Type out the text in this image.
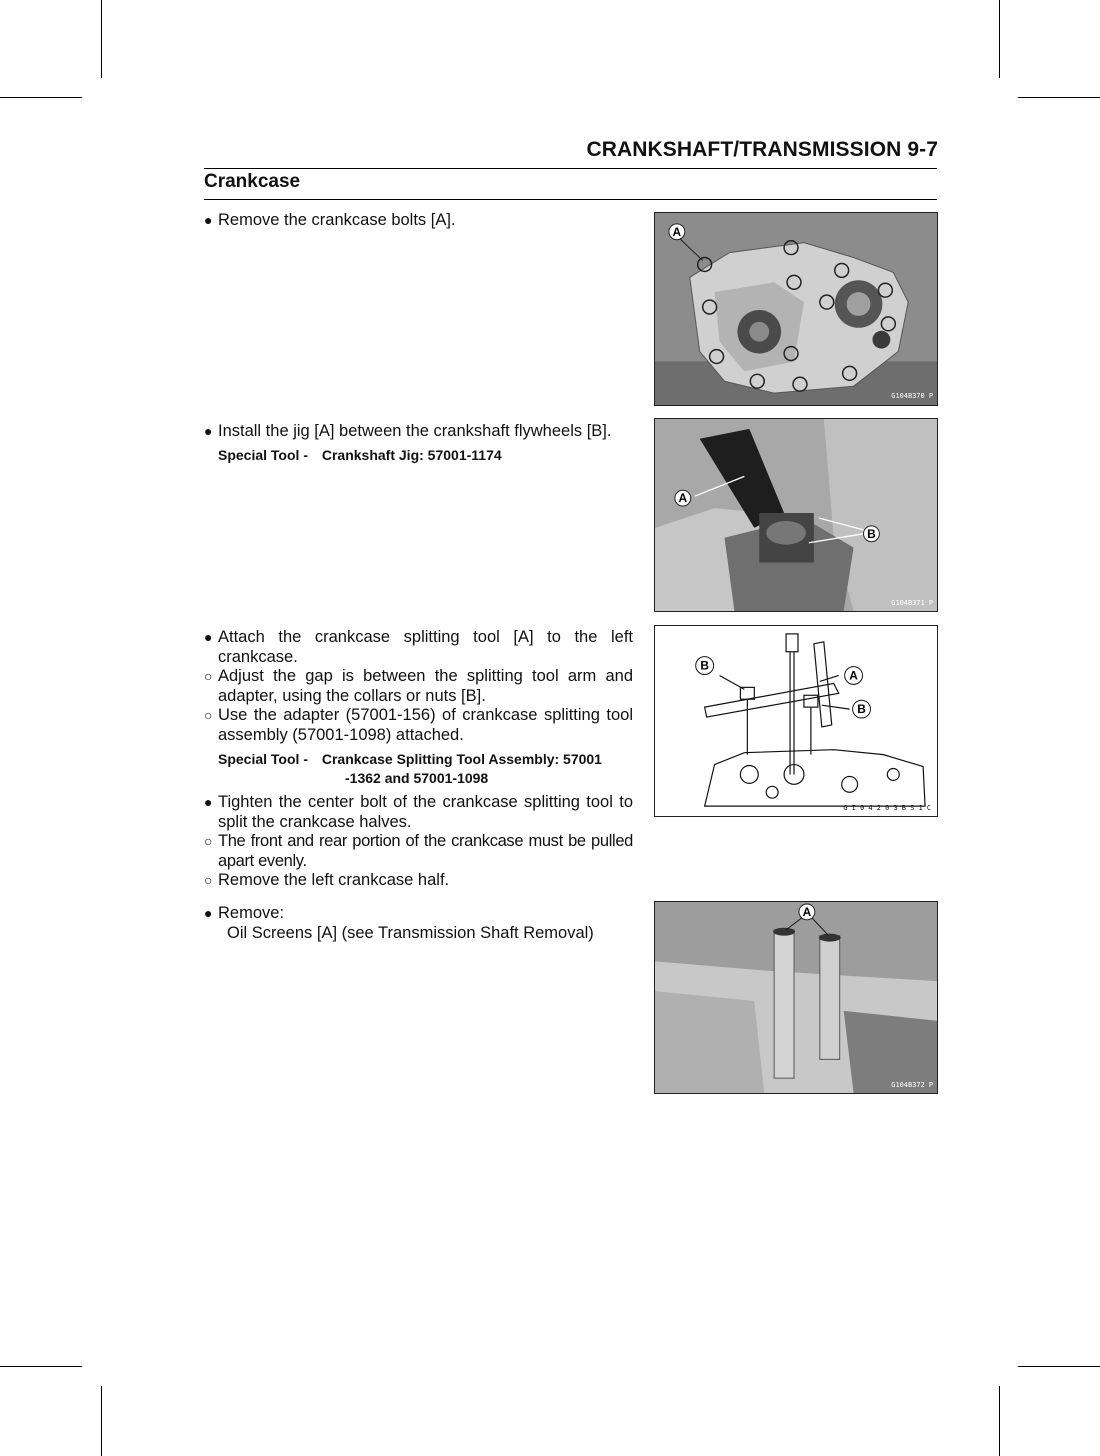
CRANKSHAFT/TRANSMISSION 9-7
Crankcase
● Remove the crankcase bolts [A].
● Install the jig [A] between the crankshaft flywheels [B].
Special Tool - Crankshaft Jig: 57001-1174
● Attach the crankcase splitting tool [A] to the left crankcase.
○ Adjust the gap is between the splitting tool arm and adapter, using the collars or nuts [B].
○ Use the adapter (57001-156) of crankcase splitting tool assembly (57001-1098) attached.
Special Tool - Crankcase Splitting Tool Assembly: 57001
-1362 and 57001-1098
● Tighten the center bolt of the crankcase splitting tool to split the crankcase halves.
○ The front and rear portion of the crankcase must be pulled apart evenly.
○ Remove the left crankcase half.
● Remove:
Oil Screens [A] (see Transmission Shaft Removal)
A
G104B370 P
A
B
G104B371 P
B
A
B
G I 0 4 2 0 3 B S 1 C
A
G104B372 P
